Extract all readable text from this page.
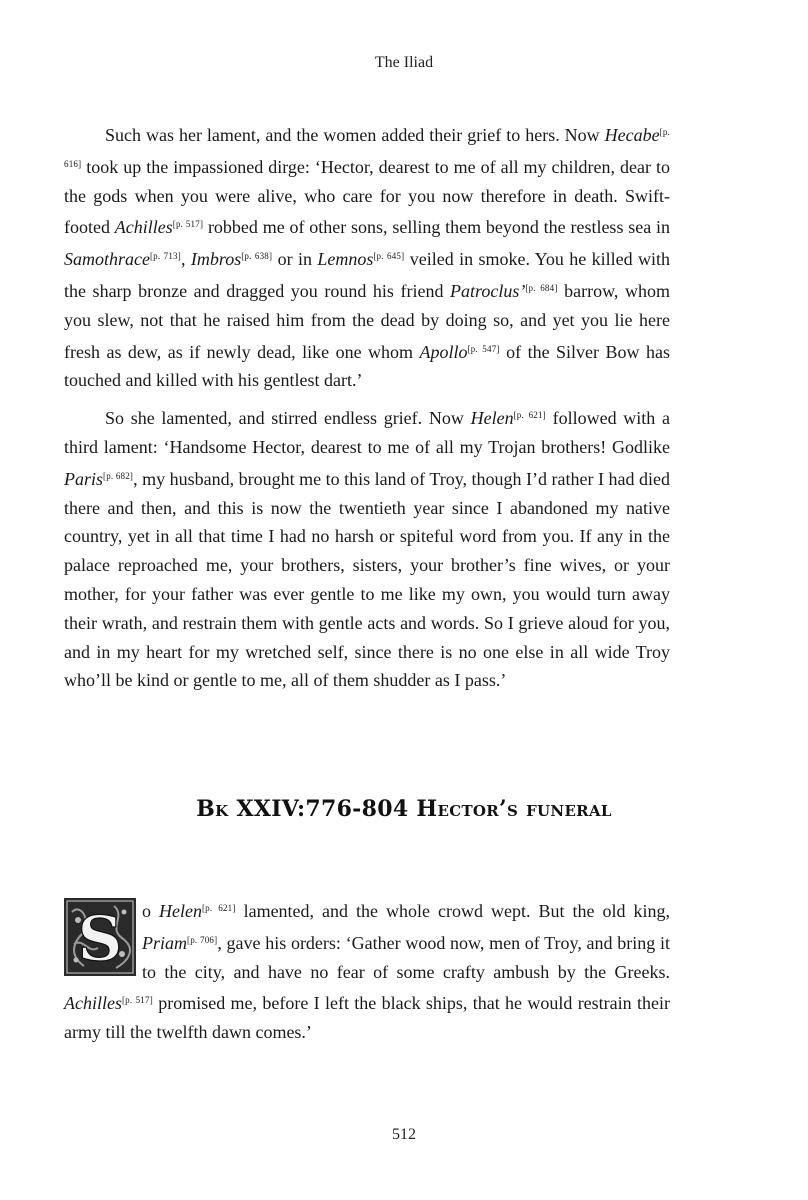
The Iliad

Such was her lament, and the women added their grief to hers. Now Hecabe[p. 616] took up the impassioned dirge: ‘Hector, dearest to me of all my children, dear to the gods when you were alive, who care for you now therefore in death. Swift-footed Achilles[p. 517] robbed me of other sons, selling them beyond the restless sea in Samothrace[p. 713], Imbros[p. 638] or in Lemnos[p. 645] veiled in smoke. You he killed with the sharp bronze and dragged you round his friend Patroclus’[p. 684] barrow, whom you slew, not that he raised him from the dead by doing so, and yet you lie here fresh as dew, as if newly dead, like one whom Apollo[p. 547] of the Silver Bow has touched and killed with his gentlest dart.’

So she lamented, and stirred endless grief. Now Helen[p. 621] followed with a third lament: ‘Handsome Hector, dearest to me of all my Trojan brothers! Godlike Paris[p. 682], my husband, brought me to this land of Troy, though I’d rather I had died there and then, and this is now the twentieth year since I abandoned my native country, yet in all that time I had no harsh or spiteful word from you. If any in the palace reproached me, your brothers, sisters, your brother’s fine wives, or your mother, for your father was ever gentle to me like my own, you would turn away their wrath, and restrain them with gentle acts and words. So I grieve aloud for you, and in my heart for my wretched self, since there is no one else in all wide Troy who’ll be kind or gentle to me, all of them shudder as I pass.’

Bk XXIV:776-804 Hector’s funeral

S o Helen[p. 621] lamented, and the whole crowd wept. But the old king, Priam[p. 706], gave his orders: ‘Gather wood now, men of Troy, and bring it to the city, and have no fear of some crafty ambush by the Greeks. Achilles[p. 517] promised me, before I left the black ships, that he would restrain their army till the twelfth dawn comes.’

512
